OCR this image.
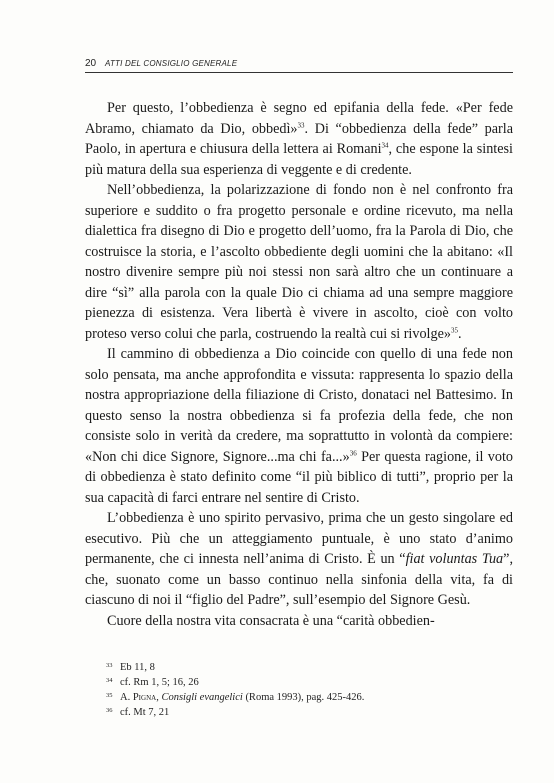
20 ATTI DEL CONSIGLIO GENERALE

Per questo, l’obbedienza è segno ed epifania della fede. «Per fede Abramo, chiamato da Dio, obbedì»$^{33}$. Di “obbedienza della fede” parla Paolo, in apertura e chiusura della lettera ai Romani$^{34}$, che espone la sintesi più matura della sua esperienza di veggente e di credente.

Nell’obbedienza, la polarizzazione di fondo non è nel confronto fra superiore e suddito o fra progetto personale e ordine ricevuto, ma nella dialettica fra disegno di Dio e progetto dell’uomo, fra la Parola di Dio, che costruisce la storia, e l’ascolto obbediente degli uomini che la abitano: «Il nostro divenire sempre più noi stessi non sarà altro che un continuare a dire “sì” alla parola con la quale Dio ci chiama ad una sempre maggiore pienezza di esistenza. Vera libertà è vivere in ascolto, cioè con volto proteso verso colui che parla, costruendo la realtà cui si rivolge»$^{35}$.

Il cammino di obbedienza a Dio coincide con quello di una fede non solo pensata, ma anche approfondita e vissuta: rappresenta lo spazio della nostra appropriazione della filiazione di Cristo, donataci nel Battesimo. In questo senso la nostra obbedienza si fa profezia della fede, che non consiste solo in verità da credere, ma soprattutto in volontà da compiere: «Non chi dice Signore, Signore...ma chi fa...»$^{36}$ Per questa ragione, il voto di obbedienza è stato definito come “il più biblico di tutti”, proprio per la sua capacità di farci entrare nel sentire di Cristo.

L’obbedienza è uno spirito pervasivo, prima che un gesto singolare ed esecutivo. Più che un atteggiamento puntuale, è uno stato d’animo permanente, che ci innesta nell’anima di Cristo. È un “fiat voluntas Tua”, che, suonato come un basso continuo nella sinfonia della vita, fa di ciascuno di noi il “figlio del Padre”, sull’esempio del Signore Gesù.

Cuore della nostra vita consacrata è una “carità obbedien-

33 Eb 11, 8
34 cf. Rm 1, 5; 16, 26
35 A. Pigna, Consigli evangelici (Roma 1993), pag. 425-426.
36 cf. Mt 7, 21
